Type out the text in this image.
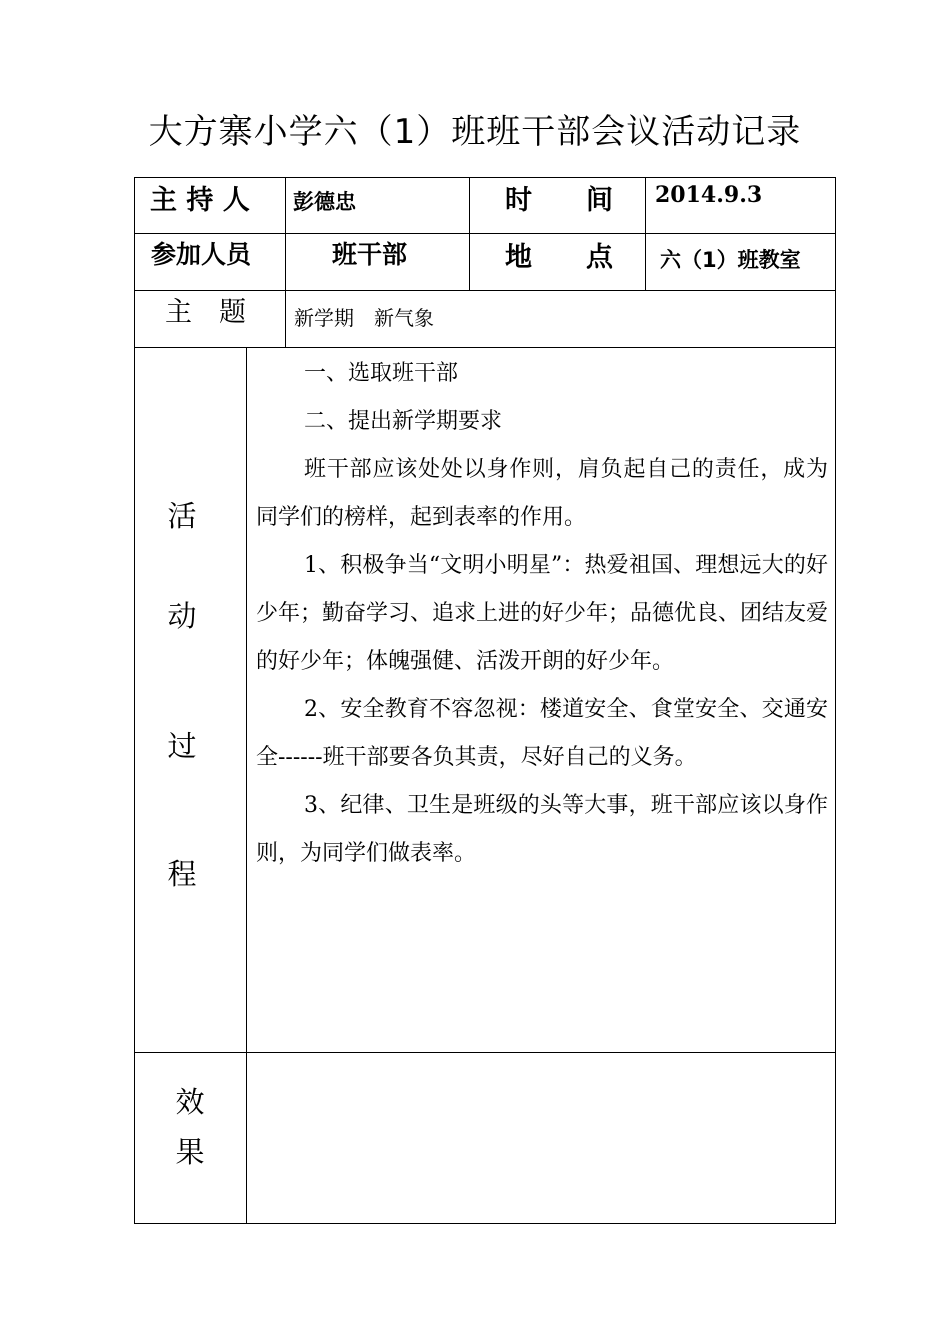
大方寨小学六（1）班班干部会议活动记录
主 持 人 彭德忠	时　　间 2014.9.3
参加人员	班干部	地　　点 六（1）班教室
主　题 新学期　新气象
活
动
过
程
一、选取班干部
二、提出新学期要求
班干部应该处处以身作则，肩负起自己的责任，成为同学们的榜样，起到表率的作用。
1、积极争当“文明小明星”：热爱祖国、理想远大的好少年；勤奋学习、追求上进的好少年；品德优良、团结友爱的好少年；体魄强健、活泼开朗的好少年。
2、安全教育不容忽视：楼道安全、食堂安全、交通安全------班干部要各负其责，尽好自己的义务。
3、纪律、卫生是班级的头等大事，班干部应该以身作则，为同学们做表率。
效
果
